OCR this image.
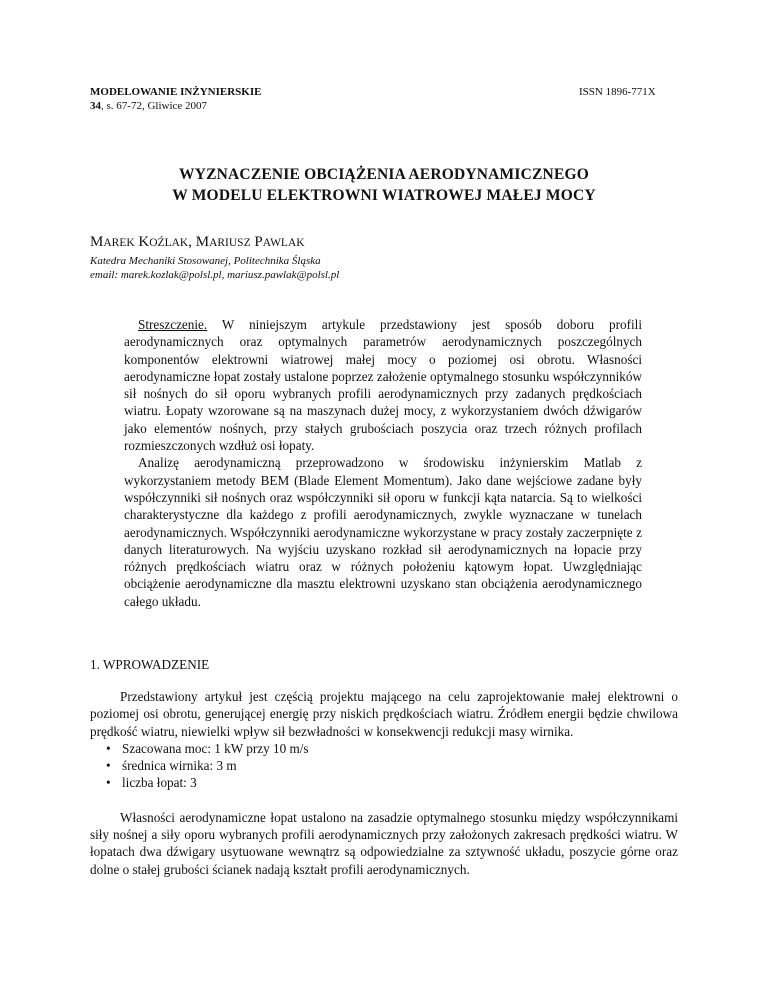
MODELOWANIE INŻYNIERSKIE
34, s. 67-72, Gliwice 2007
ISSN 1896-771X
WYZNACZENIE OBCIĄŻENIA AERODYNAMICZNEGO
W MODELU ELEKTROWNI WIATROWEJ MAŁEJ MOCY
MAREK KOŹLAK, MARIUSZ PAWLAK
Katedra Mechaniki Stosowanej, Politechnika Śląska
email: marek.kozlak@polsl.pl, mariusz.pawlak@polsl.pl

Streszczenie. W niniejszym artykule przedstawiony jest sposób doboru profili aerodynamicznych oraz optymalnych parametrów aerodynamicznych poszczególnych komponentów elektrowni wiatrowej małej mocy o poziomej osi obrotu. Własności aerodynamiczne łopat zostały ustalone poprzez założenie optymalnego stosunku współczynników sił nośnych do sił oporu wybranych profili aerodynamicznych przy zadanych prędkościach wiatru. Łopaty wzorowane są na maszynach dużej mocy, z wykorzystaniem dwóch dźwigarów jako elementów nośnych, przy stałych grubościach poszycia oraz trzech różnych profilach rozmieszczonych wzdłuż osi łopaty.

Analizę aerodynamiczną przeprowadzono w środowisku inżynierskim Matlab z wykorzystaniem metody BEM (Blade Element Momentum). Jako dane wejściowe zadane były współczynniki sił nośnych oraz współczynniki sił oporu w funkcji kąta natarcia. Są to wielkości charakterystyczne dla każdego z profili aerodynamicznych, zwykle wyznaczane w tunelach aerodynamicznych. Współczynniki aerodynamiczne wykorzystane w pracy zostały zaczerpnięte z danych literaturowych. Na wyjściu uzyskano rozkład sił aerodynamicznych na łopacie przy różnych prędkościach wiatru oraz w różnych położeniu kątowym łopat. Uwzględniając obciążenie aerodynamiczne dla masztu elektrowni uzyskano stan obciążenia aerodynamicznego całego układu.

1. WPROWADZENIE

Przedstawiony artykuł jest częścią projektu mającego na celu zaprojektowanie małej elektrowni o poziomej osi obrotu, generującej energię przy niskich prędkościach wiatru. Źródłem energii będzie chwilowa prędkość wiatru, niewielki wpływ sił bezwładności w konsekwencji redukcji masy wirnika.

• Szacowana moc: 1 kW przy 10 m/s
• średnica wirnika: 3 m
• liczba łopat: 3

Własności aerodynamiczne łopat ustalono na zasadzie optymalnego stosunku między współczynnikami siły nośnej a siły oporu wybranych profili aerodynamicznych przy założonych zakresach prędkości wiatru. W łopatach dwa dźwigary usytuowane wewnątrz są odpowiedzialne za sztywność układu, poszycie górne oraz dolne o stałej grubości ścianek nadają kształt profili aerodynamicznych.
